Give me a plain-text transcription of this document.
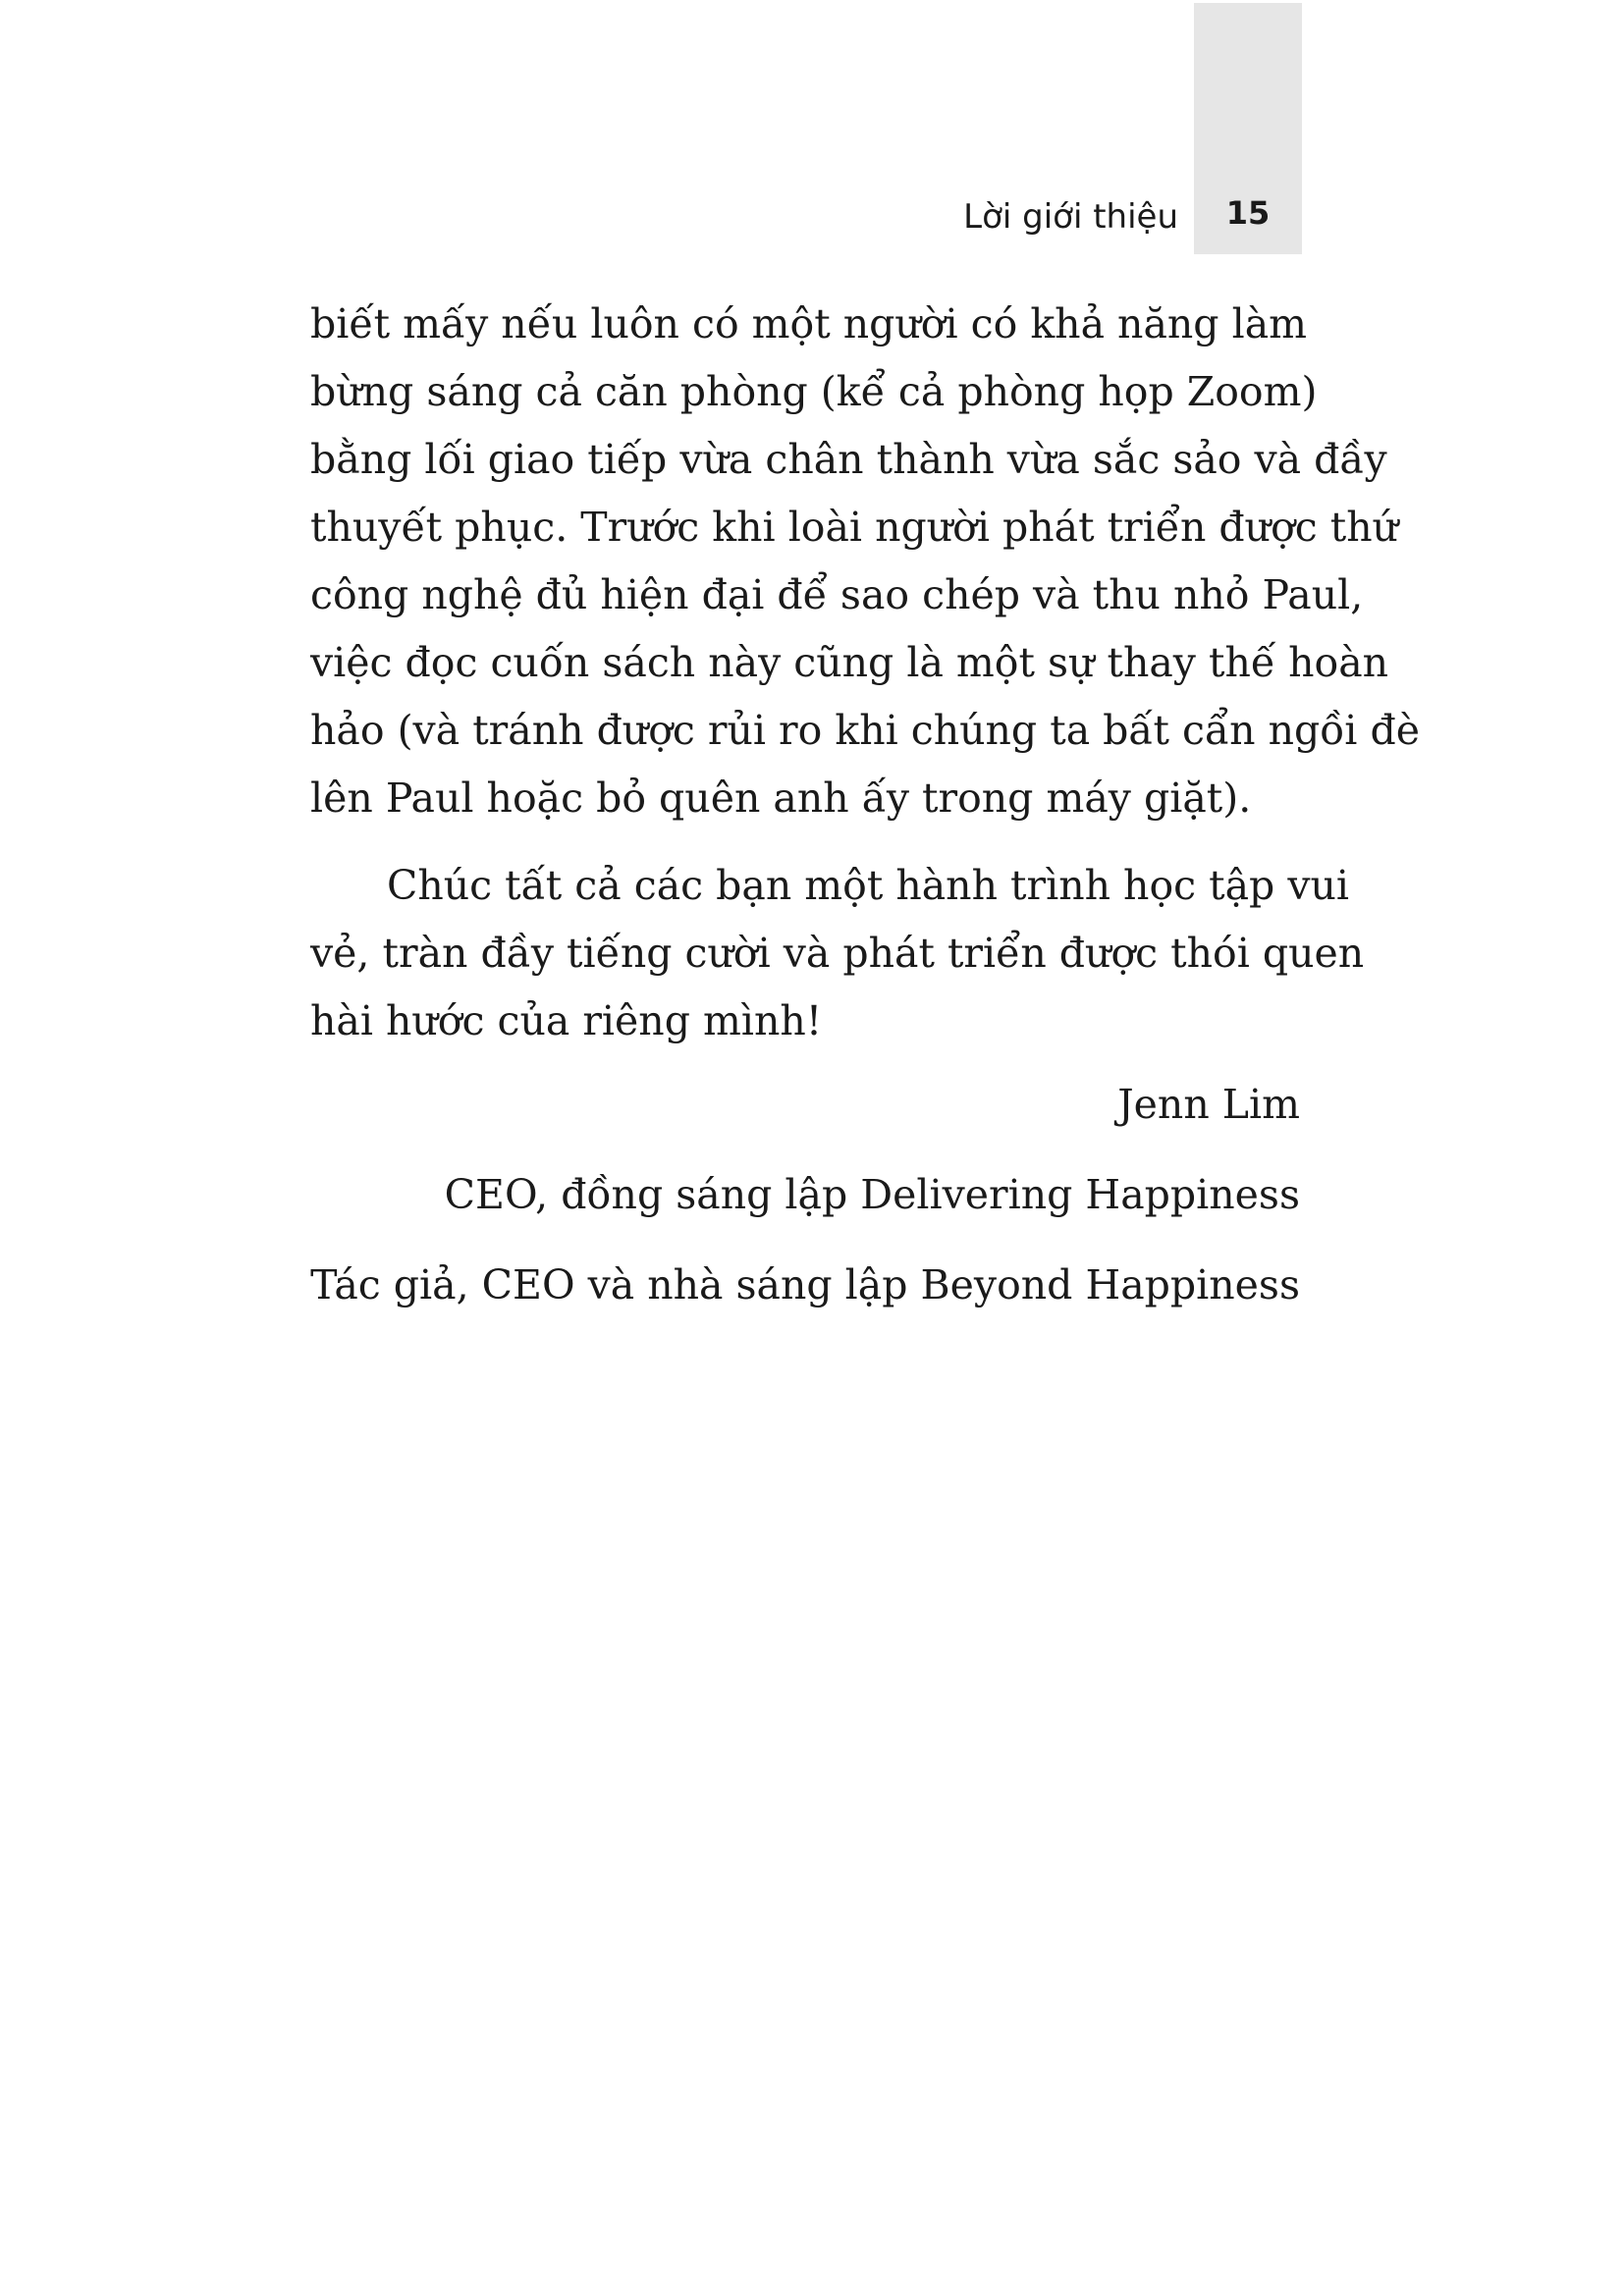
Lời giới thiệu	15
biết mấy nếu luôn có một người có khả năng làm
bừng sáng cả căn phòng (kể cả phòng họp Zoom)
bằng lối giao tiếp vừa chân thành vừa sắc sảo và đầy
thuyết phục. Trước khi loài người phát triển được thứ
công nghệ đủ hiện đại để sao chép và thu nhỏ Paul,
việc đọc cuốn sách này cũng là một sự thay thế hoàn
hảo (và tránh được rủi ro khi chúng ta bất cẩn ngồi đè
lên Paul hoặc bỏ quên anh ấy trong máy giặt).
Chúc tất cả các bạn một hành trình học tập vui
vẻ, tràn đầy tiếng cười và phát triển được thói quen
hài hước của riêng mình!
Jenn Lim
CEO, đồng sáng lập Delivering Happiness
Tác giả, CEO và nhà sáng lập Beyond Happiness
